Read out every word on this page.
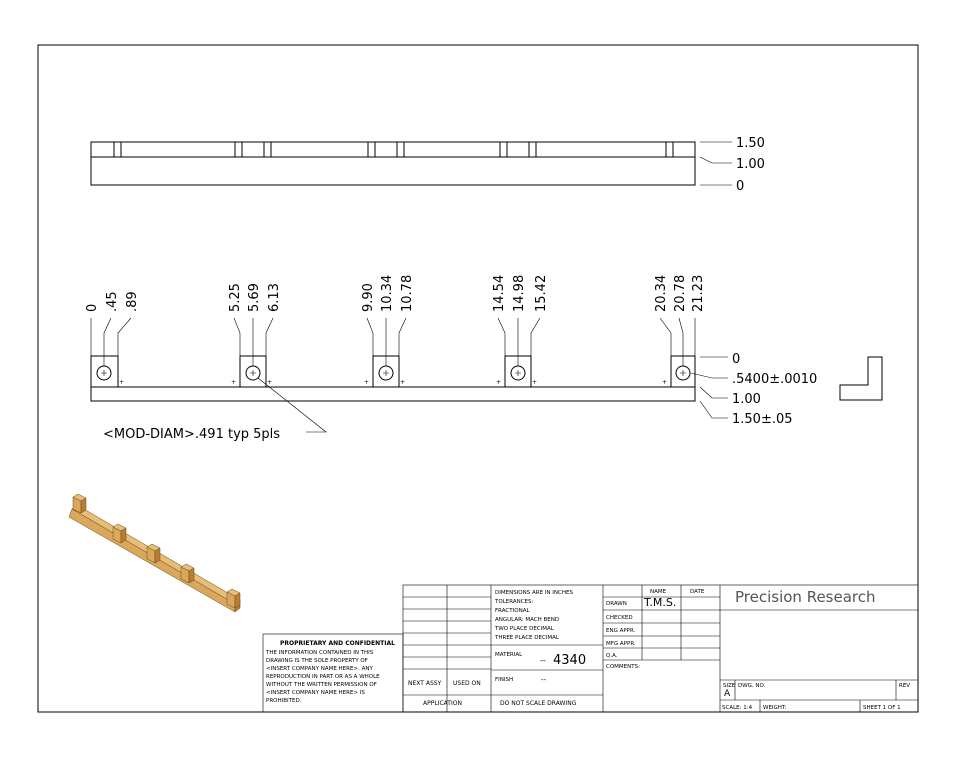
1.50
1.00
0
+	+	+	+	+	+	+	+
0 .45 .89	5.25 5.69 6.13	9.90 10.34 10.78	14.54 14.98 15.42	20.34 20.78 21.23
0
.5400±.0010
1.00
1.50±.05
<MOD-DIAM>.491 typ 5pls
NAME	DATE
DRAWN T.M.S.
CHECKED
ENG APPR.
MFG APPR.
Q.A.
COMMENTS:
DIMENSIONS ARE IN INCHES
TOLERANCES:
FRACTIONAL
ANGULAR: MACH BEND
TWO PLACE DECIMAL
THREE PLACE DECIMAL
MATERIAL
-- 4340
FINISH	--
DO NOT SCALE DRAWING
NEXT ASSY USED ON
APPLICATION
Precision Research
SIZE
A
DWG. NO.	REV
SCALE: 1:4 WEIGHT:	SHEET 1 OF 1
PROPRIETARY AND CONFIDENTIAL
THE INFORMATION CONTAINED IN THIS
DRAWING IS THE SOLE PROPERTY OF
<INSERT COMPANY NAME HERE>. ANY
REPRODUCTION IN PART OR AS A WHOLE
WITHOUT THE WRITTEN PERMISSION OF
<INSERT COMPANY NAME HERE> IS
PROHIBITED.
